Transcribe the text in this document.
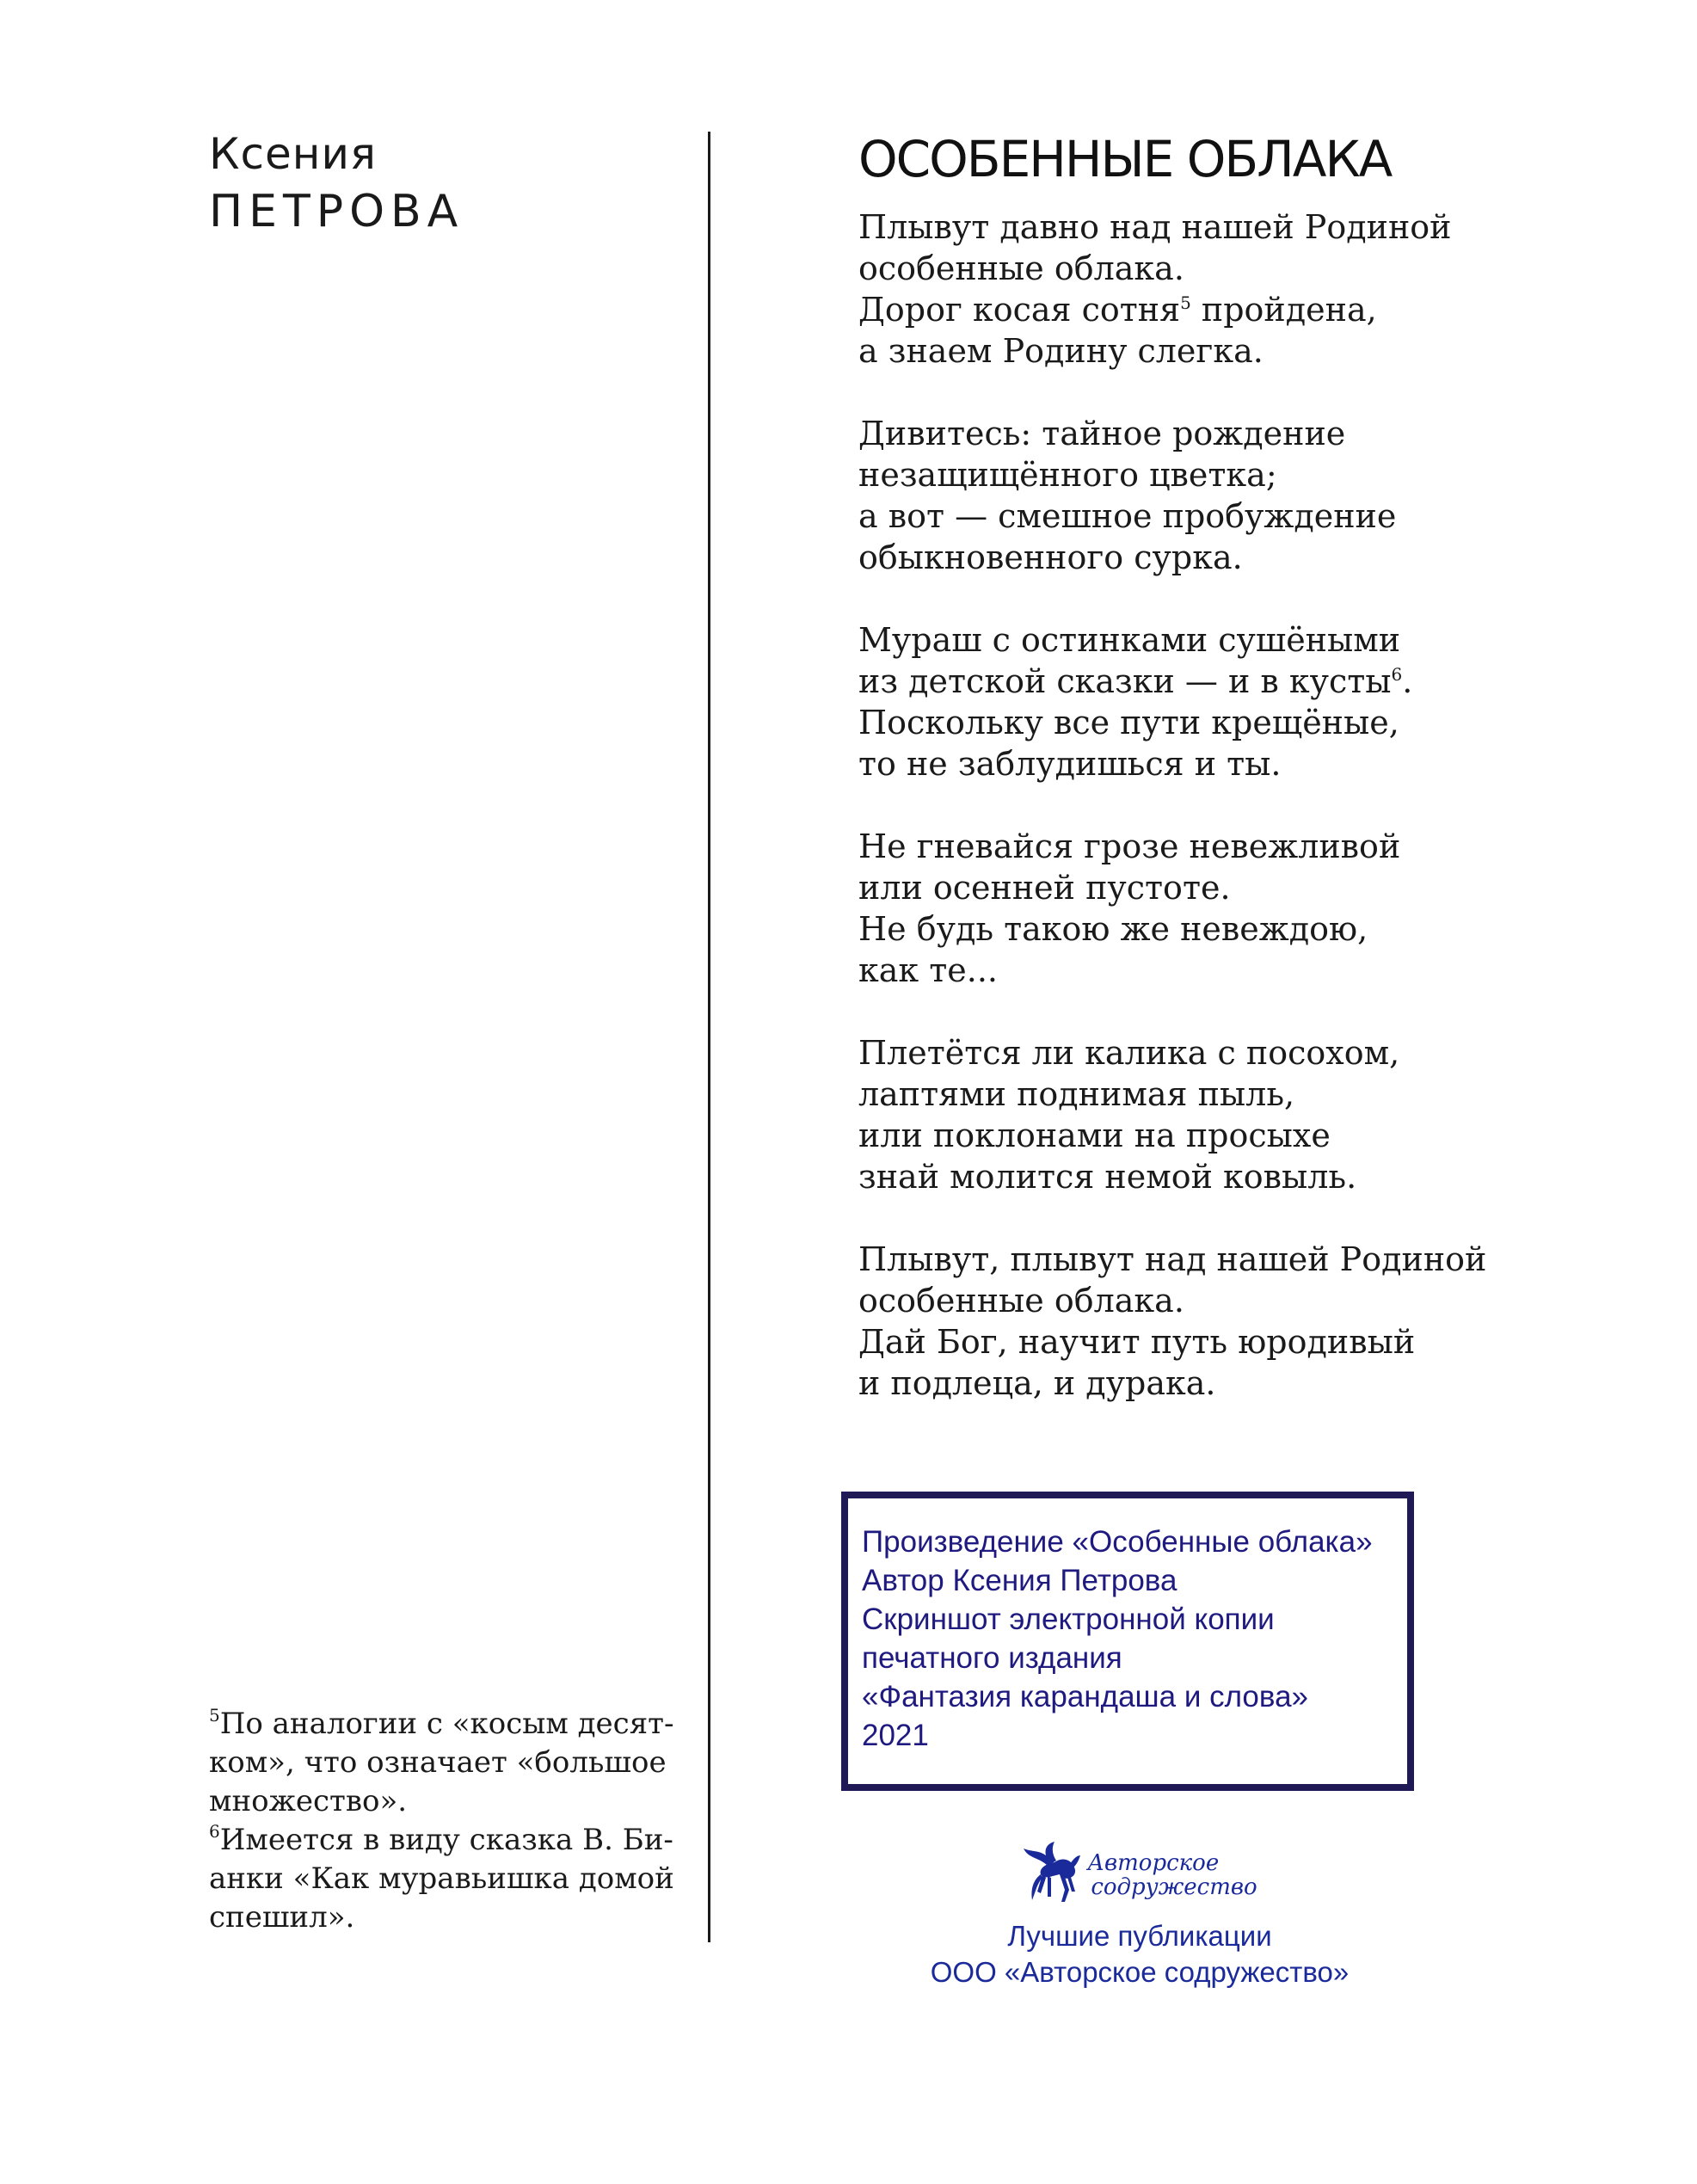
Ксения
ПЕТРОВА
ОСОБЕННЫЕ ОБЛАКА
Плывут давно над нашей Родиной
особенные облака.
Дорог косая сотня$^5$ пройдена,
а знаем Родину слегка.
Дивитесь: тайное рождение
незащищённого цветка;
а вот — смешное пробуждение
обыкновенного сурка.
Мураш с остинками сушёными
из детской сказки — и в кусты$^6$.
Поскольку все пути крещёные,
то не заблудишься и ты.
Не гневайся грозе невежливой
или осенней пустоте.
Не будь такою же невеждою,
как те...
Плетётся ли калика с посохом,
лаптями поднимая пыль,
или поклонами на просыхе
знай молится немой ковыль.
Плывут, плывут над нашей Родиной
особенные облака.
Дай Бог, научит путь юродивый
и подлеца, и дурака.
$^5$По аналогии с «косым десят-
ком», что означает «большое
множество».
$^6$Имеется в виду сказка В. Би-
анки «Как муравьишка домой
спешил».
Произведение «Особенные облака»
Автор Ксения Петрова
Скриншот электронной копии
печатного издания
«Фантазия карандаша и слова»
2021
Авторское
содружество
Лучшие публикации
ООО «Авторское содружество»
